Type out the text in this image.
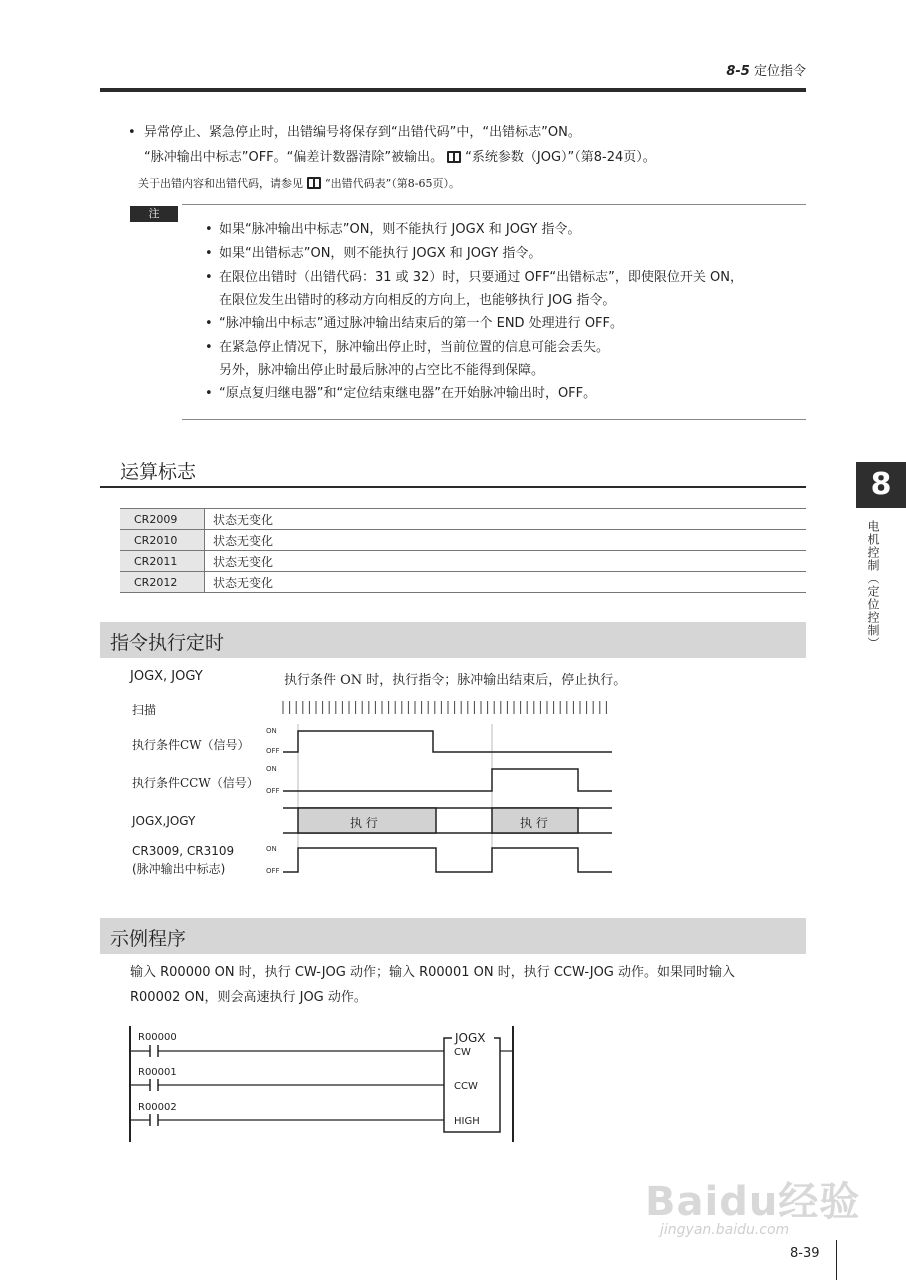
8-5 定位指令
8
电机控制（定位控制）
•  异常停止、紧急停止时，出错编号将保存到“出错代码”中，“出错标志”ON。
“脉冲输出中标志”OFF。“偏差计数器清除”被输出。 “系统参数（JOG）”（第8-24页）。
关于出错内容和出错代码，请参见 “出错代码表”（第8-65页）。
注
• 如果“脉冲输出中标志”ON，则不能执行 JOGX 和 JOGY 指令。
• 如果“出错标志”ON，则不能执行 JOGX 和 JOGY 指令。
• 在限位出错时（出错代码：31 或 32）时，只要通过 OFF“出错标志”，即使限位开关 ON，
在限位发生出错时的移动方向相反的方向上，也能够执行 JOG 指令。
• “脉冲输出中标志”通过脉冲输出结束后的第一个 END 处理进行 OFF。
• 在紧急停止情况下，脉冲输出停止时，当前位置的信息可能会丢失。
另外，脉冲输出停止时最后脉冲的占空比不能得到保障。
• “原点复归继电器”和“定位结束继电器”在开始脉冲输出时，OFF。
运算标志
CR2009	状态无变化
CR2010	状态无变化
CR2011	状态无变化
CR2012	状态无变化
指令执行定时
JOGX, JOGY	执行条件 ON 时，执行指令；脉冲输出结束后，停止执行。
扫描
执行条件CW（信号）
执行条件CCW（信号）
JOGX,JOGY
CR3009, CR3109
(脉冲输出中标志)
ON
OFF
ON
OFF
ON
OFF
执 行	执 行
示例程序
输入 R00000 ON 时，执行 CW-JOG 动作；输入 R00001 ON 时，执行 CCW-JOG 动作。如果同时输入
R00002 ON，则会高速执行 JOG 动作。
R00000
R00001
R00002
JOGX
CW
CCW
HIGH
Baidu经验
jingyan.baidu.com
8-39
